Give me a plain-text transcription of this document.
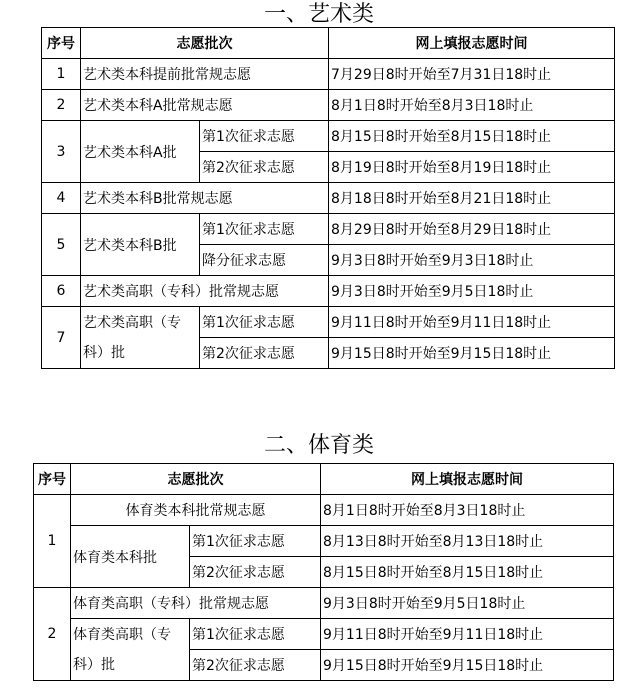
一、艺术类
序号	志愿批次		网上填报志愿时间
1	艺术类本科提前批常规志愿		7月29日8时开始至7月31日18时止
2	艺术类本科A批常规志愿		8月1日8时开始至8月3日18时止
3	艺术类本科A批	第1次征求志愿	8月15日8时开始至8月15日18时止
		第2次征求志愿	8月19日8时开始至8月19日18时止
4	艺术类本科B批常规志愿		8月18日8时开始至8月21日18时止
5	艺术类本科B批	第1次征求志愿	8月29日8时开始至8月29日18时止
		降分征求志愿	9月3日8时开始至9月3日18时止
6	艺术类高职（专科）批常规志愿		9月3日8时开始至9月5日18时止
7	艺术类高职（专科）批	第1次征求志愿	9月11日8时开始至9月11日18时止
		第2次征求志愿	9月15日8时开始至9月15日18时止
二、体育类
序号	志愿批次		网上填报志愿时间
1	体育类本科批常规志愿		8月1日8时开始至8月3日18时止
	体育类本科批	第1次征求志愿	8月13日8时开始至8月13日18时止
		第2次征求志愿	8月15日8时开始至8月15日18时止
2	体育类高职（专科）批常规志愿		9月3日8时开始至9月5日18时止
	体育类高职（专科）批	第1次征求志愿	9月11日8时开始至9月11日18时止
		第2次征求志愿	9月15日8时开始至9月15日18时止
